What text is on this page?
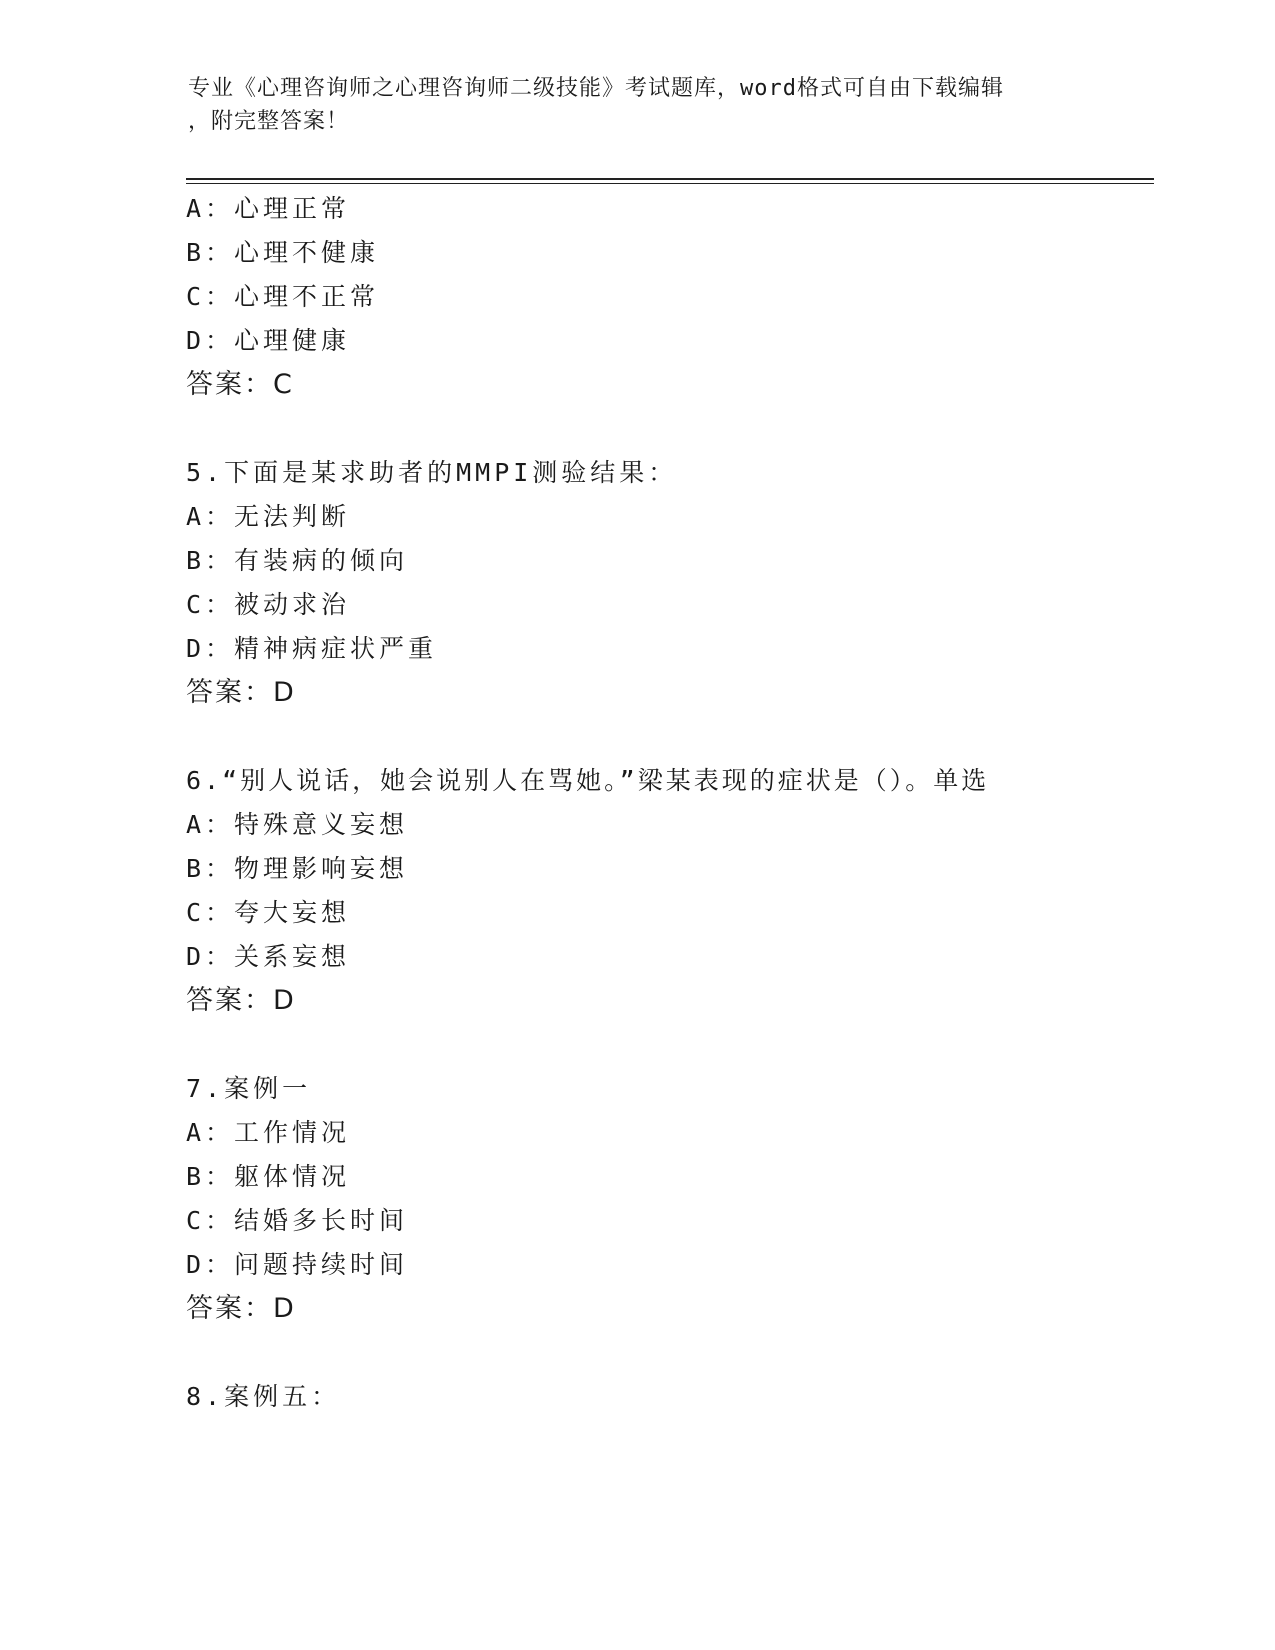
专业《心理咨询师之心理咨询师二级技能》考试题库，word格式可自由下载编辑
，附完整答案！
A：心理正常
B：心理不健康
C：心理不正常
D：心理健康
答案：C
5.下面是某求助者的MMPI测验结果：
A：无法判断
B：有装病的倾向
C：被动求治
D：精神病症状严重
答案：D
6.“别人说话，她会说别人在骂她。”梁某表现的症状是（）。单选
A：特殊意义妄想
B：物理影响妄想
C：夸大妄想
D：关系妄想
答案：D
7.案例一
A：工作情况
B：躯体情况
C：结婚多长时间
D：问题持续时间
答案：D
8.案例五：
